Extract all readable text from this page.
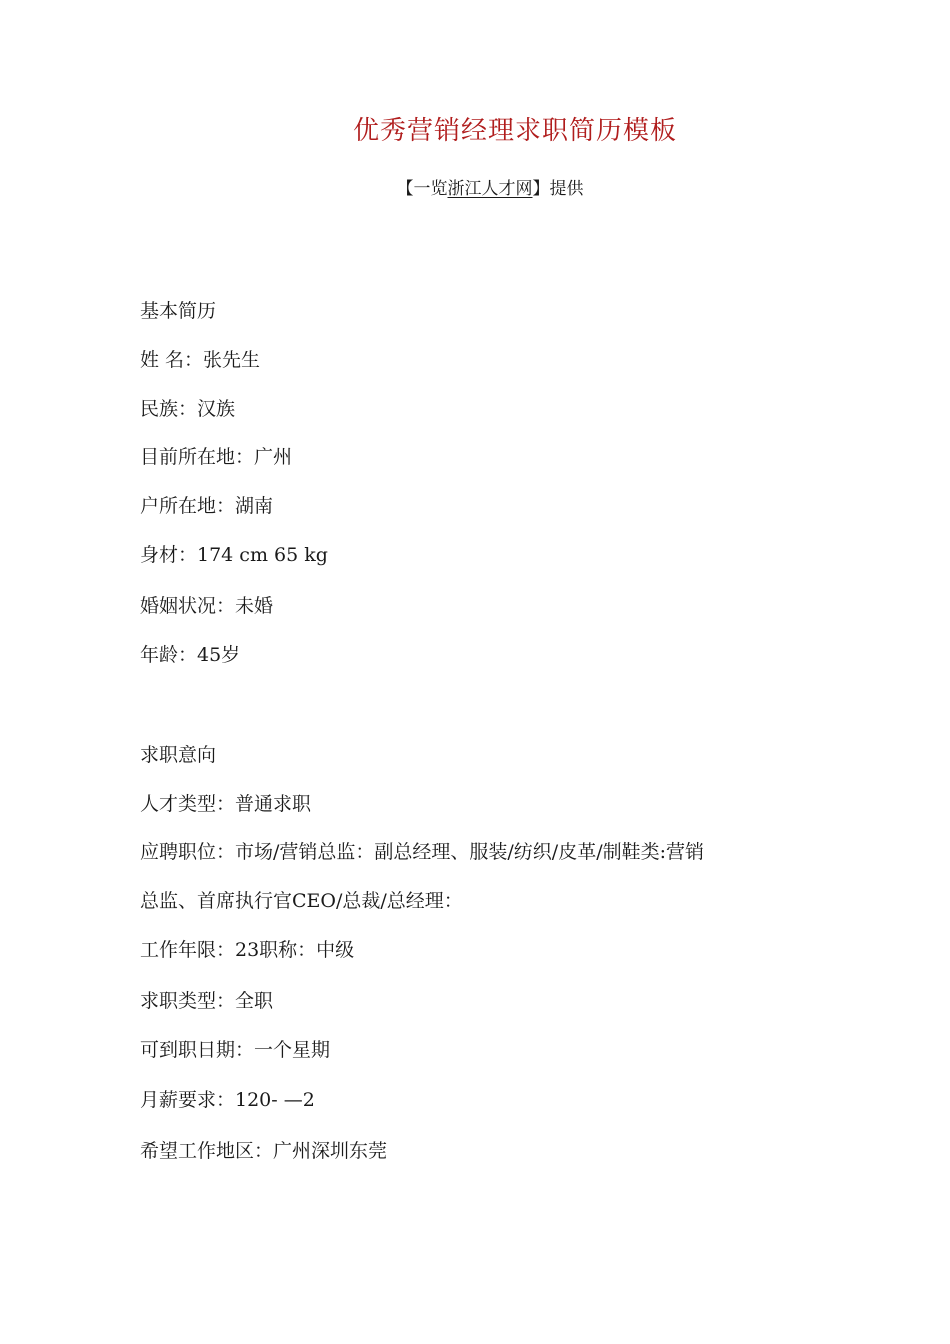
优秀营销经理求职简历模板
【一览浙江人才网】提供
基本简历
姓 名：张先生
民族：汉族
目前所在地：广州
户所在地：湖南
身材：174 cm 65 kg
婚姻状况：未婚
年龄：45岁
求职意向
人才类型：普通求职
应聘职位：市场/营销总监：副总经理、服装/纺织/皮革/制鞋类:营销
总监、首席执行官CEO/总裁/总经理：
工作年限：23职称：中级
求职类型：全职
可到职日期：一个星期
月薪要求：120- —2
希望工作地区：广州深圳东莞
